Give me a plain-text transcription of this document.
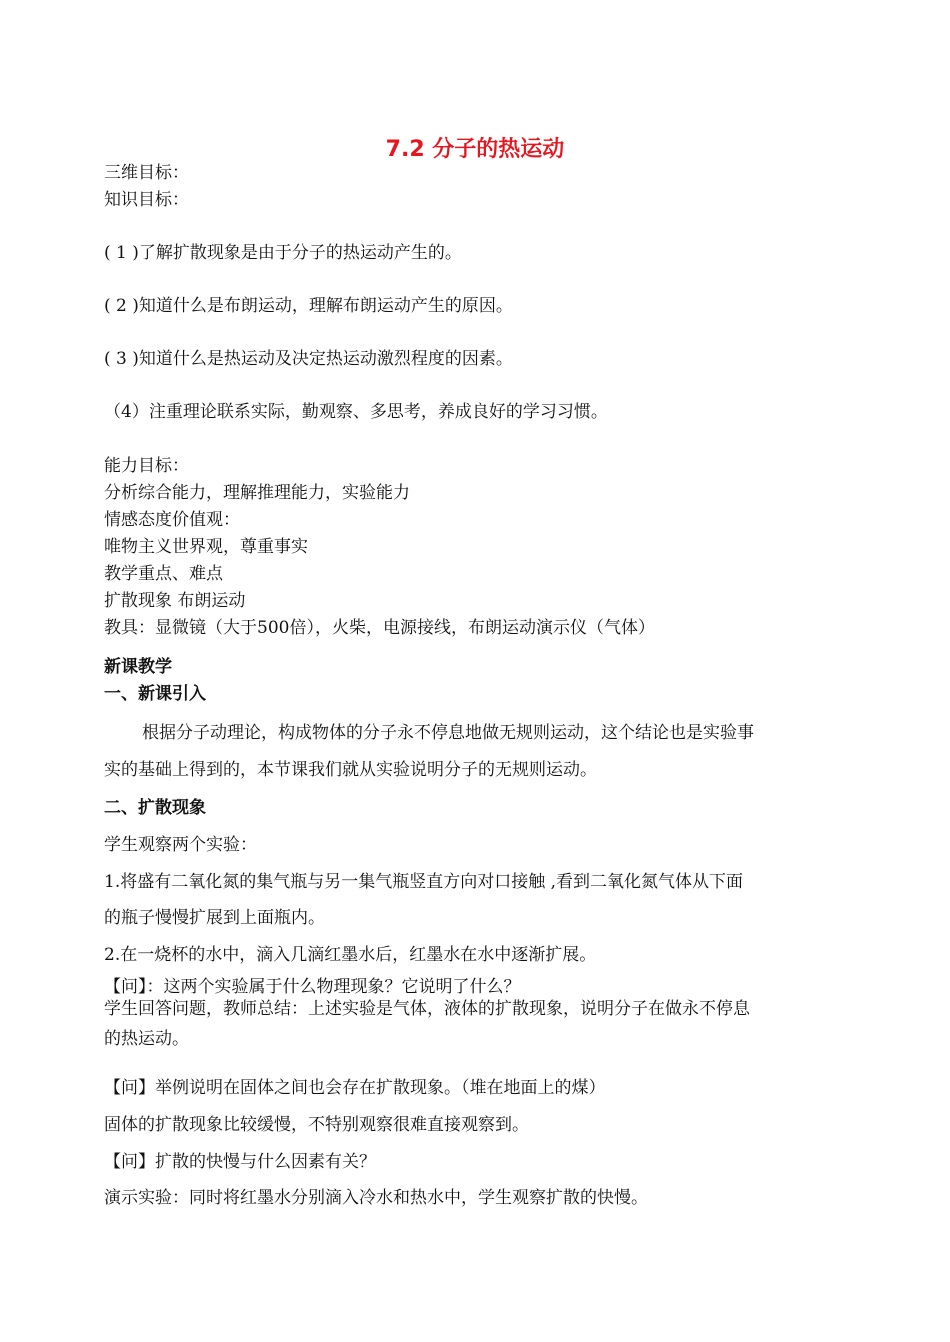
7.2 分子的热运动
三维目标：
知识目标：
( 1 )了解扩散现象是由于分子的热运动产生的。
( 2 )知道什么是布朗运动，理解布朗运动产生的原因。
( 3 )知道什么是热运动及决定热运动激烈程度的因素。
（4）注重理论联系实际，勤观察、多思考，养成良好的学习习惯。
能力目标：
分析综合能力，理解推理能力，实验能力
情感态度价值观：
唯物主义世界观，尊重事实
教学重点、难点
扩散现象 布朗运动
教具：显微镜（大于500倍），火柴，电源接线，布朗运动演示仪（气体）
新课教学
一、新课引入
根据分子动理论，构成物体的分子永不停息地做无规则运动，这个结论也是实验事
实的基础上得到的，本节课我们就从实验说明分子的无规则运动。
二、扩散现象
学生观察两个实验：
1.将盛有二氧化氮的集气瓶与另一集气瓶竖直方向对口接触 ,看到二氧化氮气体从下面
的瓶子慢慢扩展到上面瓶内。
2.在一烧杯的水中，滴入几滴红墨水后，红墨水在水中逐渐扩展。
【问】：这两个实验属于什么物理现象？它说明了什么？
学生回答问题，教师总结：上述实验是气体，液体的扩散现象，说明分子在做永不停息
的热运动。
【问】举例说明在固体之间也会存在扩散现象。（堆在地面上的煤）
固体的扩散现象比较缓慢，不特别观察很难直接观察到。
【问】扩散的快慢与什么因素有关？
演示实验：同时将红墨水分别滴入冷水和热水中，学生观察扩散的快慢。
